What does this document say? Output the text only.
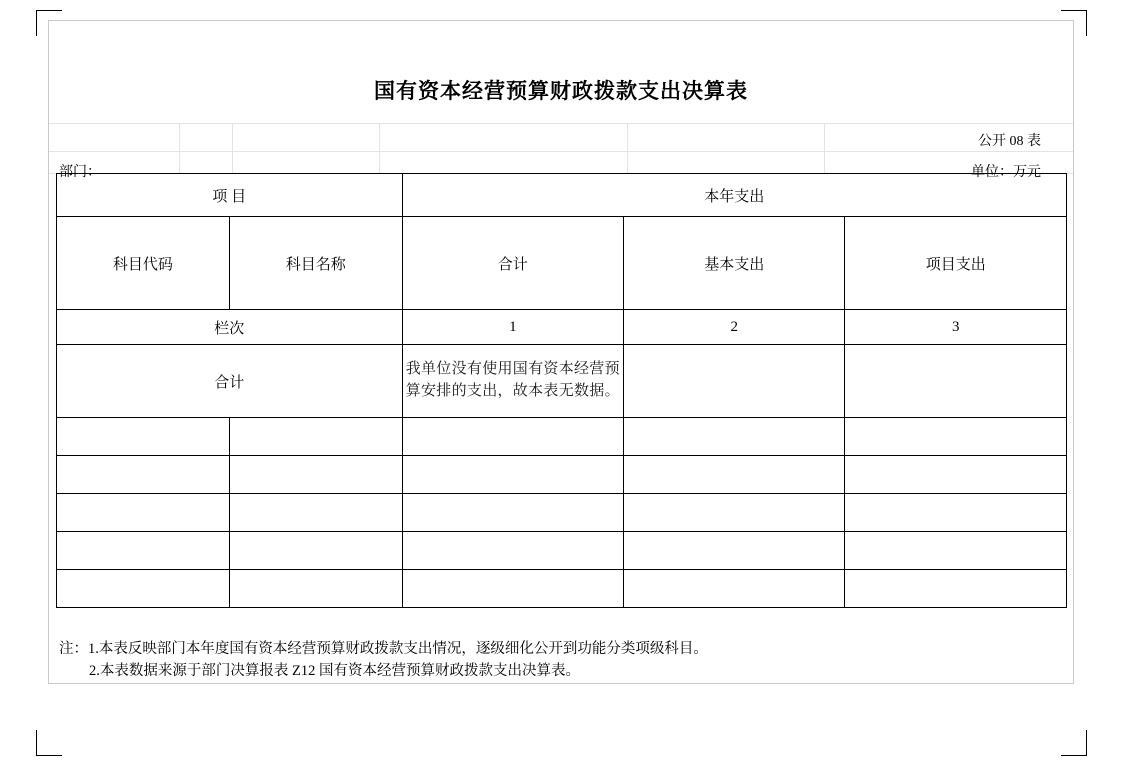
国有资本经营预算财政拨款支出决算表
公开 08 表
部门：	单位：万元
项 目		本年支出		
科目代码	科目名称	合计	基本支出	项目支出
栏次		1	2	3
合计		我单位没有使用国有资本经营预算安排的支出，故本表无数据。		

注：1.本表反映部门本年度国有资本经营预算财政拨款支出情况，逐级细化公开到功能分类项级科目。
2.本表数据来源于部门决算报表 Z12 国有资本经营预算财政拨款支出决算表。
